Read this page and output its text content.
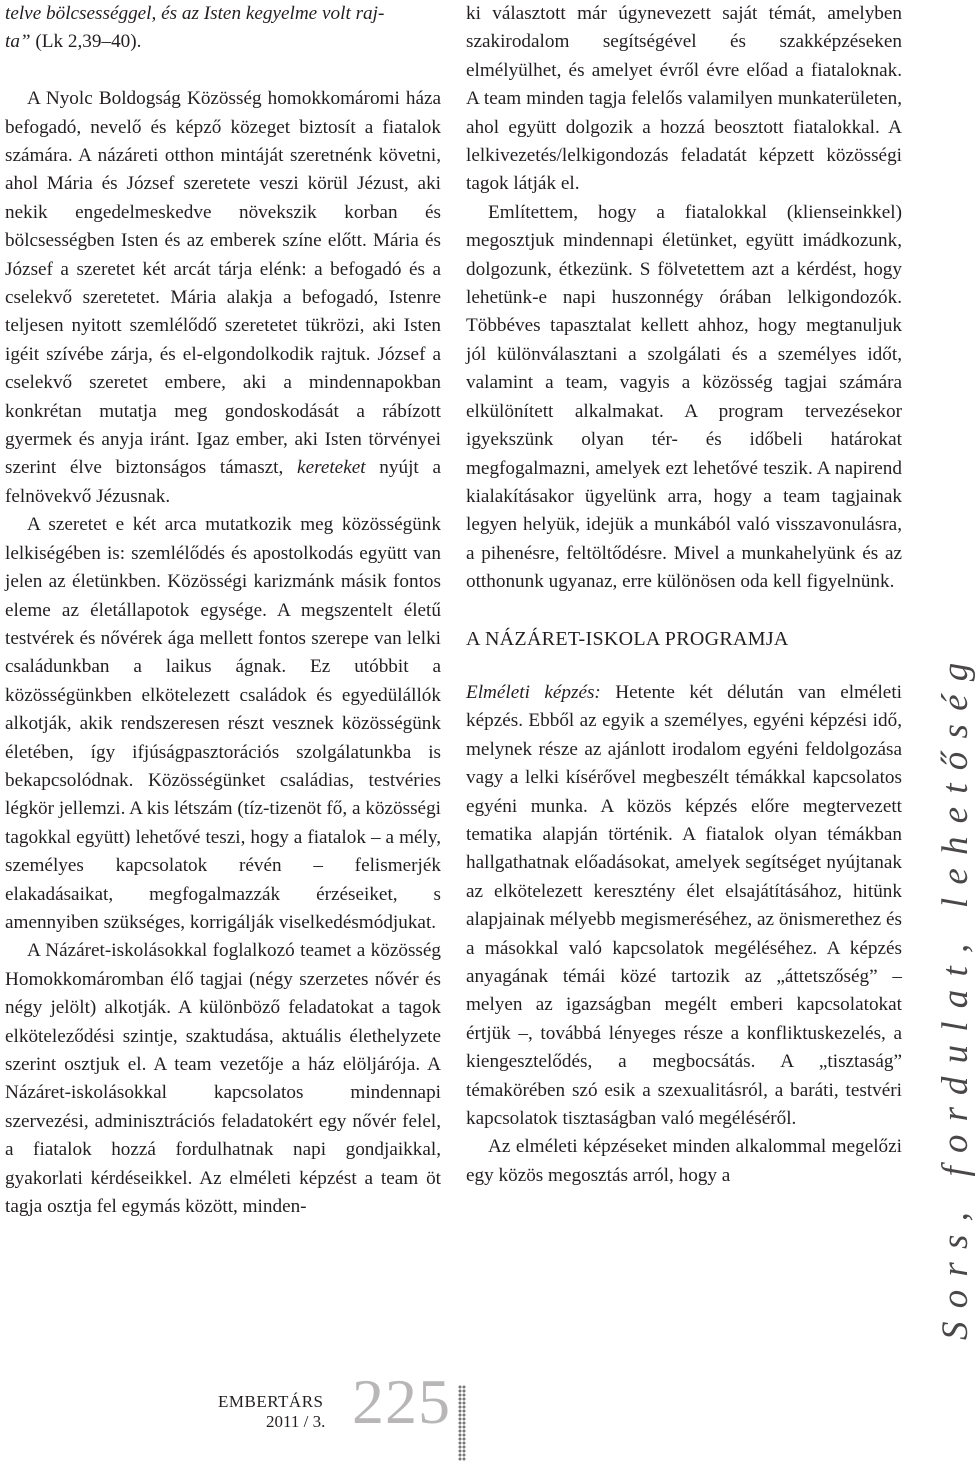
telve bölcsességgel, és az Isten kegyelme volt raj-
ta” (Lk 2,39–40).

A Nyolc Boldogság Közösség homokkomáromi háza befogadó, nevelő és képző közeget biztosít a fiatalok számára. A názáreti otthon mintáját szeretnénk követni, ahol Mária és József szeretete veszi körül Jézust, aki nekik engedelmeskedve növekszik korban és bölcsességben Isten és az emberek színe előtt. Mária és József a szeretet két arcát tárja elénk: a befogadó és a cselekvő szeretetet. Mária alakja a befogadó, Istenre teljesen nyitott szemlélődő szeretetet tükrözi, aki Isten igéit szívébe zárja, és el-elgondolkodik rajtuk. József a cselekvő szeretet embere, aki a mindennapokban konkrétan mutatja meg gondoskodását a rábízott gyermek és anyja iránt. Igaz ember, aki Isten törvényei szerint élve biztonságos támaszt, kereteket nyújt a felnövekvő Jézusnak.

A szeretet e két arca mutatkozik meg közösségünk lelkiségében is: szemlélődés és apostolkodás együtt van jelen az életünkben. Közösségi karizmánk másik fontos eleme az életállapotok egysége. A megszentelt életű testvérek és nővérek ága mellett fontos szerepe van lelki családunkban a laikus ágnak. Ez utóbbit a közösségünkben elkötelezett családok és egyedülállók alkotják, akik rendszeresen részt vesznek közösségünk életében, így ifjúságpasztorációs szolgálatunkba is bekapcsolódnak. Közösségünket családias, testvéries légkör jellemzi. A kis létszám (tíz-tizenöt fő, a közösségi tagokkal együtt) lehetővé teszi, hogy a fiatalok – a mély, személyes kapcsolatok révén – felismerjék elakadásaikat, megfogalmazzák érzéseiket, s amennyiben szükséges, korrigálják viselkedésmódjukat.

A Názáret-iskolásokkal foglalkozó teamet a közösség Homokkomáromban élő tagjai (négy szerzetes nővér és négy jelölt) alkotják. A különböző feladatokat a tagok elköteleződési szintje, szaktudása, aktuális élethelyzete szerint osztjuk el. A team vezetője a ház elöljárója. A Názáret-iskolásokkal kapcsolatos mindennapi szervezési, adminisztrációs feladatokért egy nővér felel, a fiatalok hozzá fordulhatnak napi gondjaikkal, gyakorlati kérdéseikkel. Az elméleti képzést a team öt tagja osztja fel egymás között, minden-

ki választott már úgynevezett saját témát, amelyben szakirodalom segítségével és szakképzéseken elmélyülhet, és amelyet évről évre előad a fiataloknak. A team minden tagja felelős valamilyen munkaterületen, ahol együtt dolgozik a hozzá beosztott fiatalokkal. A lelkivezetés/lelkigondozás feladatát képzett közösségi tagok látják el.

Említettem, hogy a fiatalokkal (klienseinkkel) megosztjuk mindennapi életünket, együtt imádkozunk, dolgozunk, étkezünk. S fölvetettem azt a kérdést, hogy lehetünk-e napi huszonnégy órában lelkigondozók. Többéves tapasztalat kellett ahhoz, hogy megtanuljuk jól különválasztani a szolgálati és a személyes időt, valamint a team, vagyis a közösség tagjai számára elkülönített alkalmakat. A program tervezésekor igyekszünk olyan tér- és időbeli határokat megfogalmazni, amelyek ezt lehetővé teszik. A napirend kialakításakor ügyelünk arra, hogy a team tagjainak legyen helyük, idejük a munkából való visszavonulásra, a pihenésre, feltöltődésre. Mivel a munkahelyünk és az otthonunk ugyanaz, erre különösen oda kell figyelnünk.

A NÁZÁRET-ISKOLA PROGRAMJA

Elméleti képzés: Hetente két délután van elméleti képzés. Ebből az egyik a személyes, egyéni képzési idő, melynek része az ajánlott irodalom egyéni feldolgozása vagy a lelki kísérővel megbeszélt témákkal kapcsolatos egyéni munka. A közös képzés előre megtervezett tematika alapján történik. A fiatalok olyan témákban hallgathatnak előadásokat, amelyek segítséget nyújtanak az elkötelezett keresztény élet elsajátításához, hitünk alapjainak mélyebb megismeréséhez, az önismerethez és a másokkal való kapcsolatok megéléséhez. A képzés anyagának témái közé tartozik az „áttetszőség” – melyen az igazságban megélt emberi kapcsolatokat értjük –, továbbá lényeges része a konfliktuskezelés, a kiengesztelődés, a megbocsátás. A „tisztaság” témakörében szó esik a szexualitásról, a baráti, testvéri kapcsolatok tisztaságban való megéléséről.

Az elméleti képzéseket minden alkalommal megelőzi egy közös megosztás arról, hogy a	Sors, fordulat, lehetőség
EMBERTÁRS
2011 / 3. 225
